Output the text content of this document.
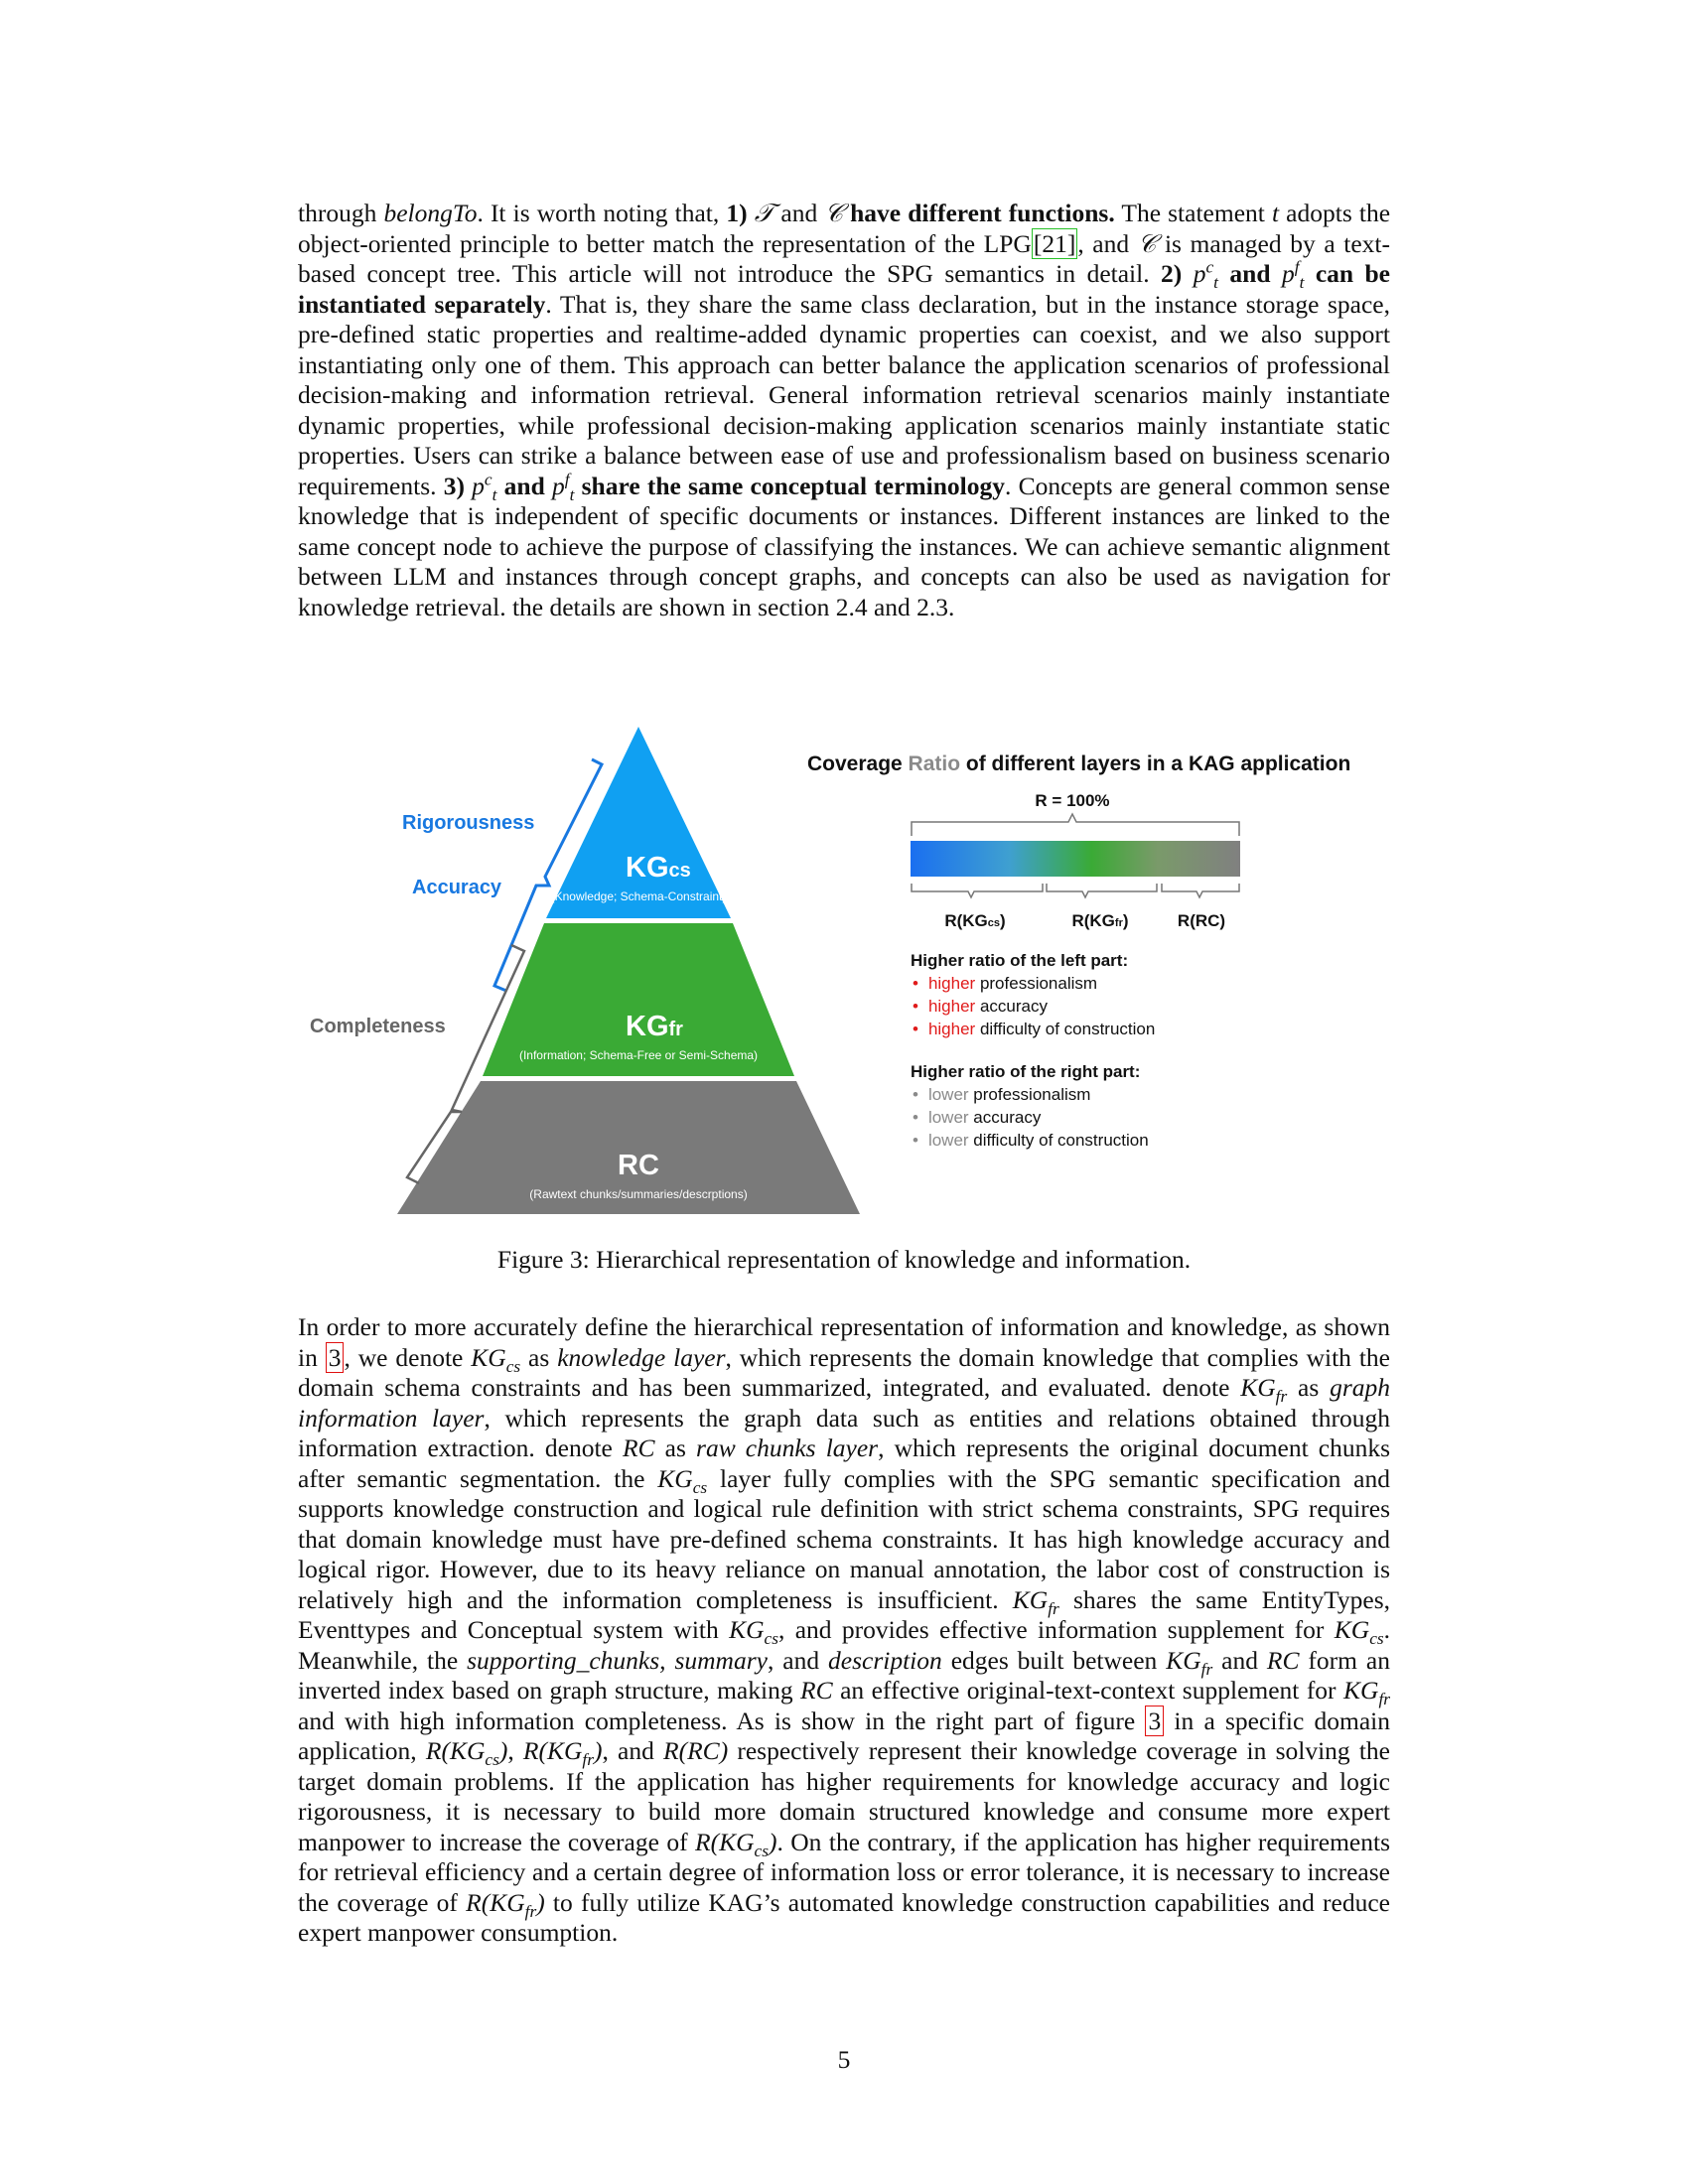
through belongTo. It is worth noting that, 1) 𝒯 and 𝒞 have different functions. The statement t adopts the object-oriented principle to better match the representation of the LPG[21], and 𝒞 is managed by a text-based concept tree. This article will not introduce the SPG semantics in detail. 2) $p^c_t$ and $p^f_t$ can be instantiated separately. That is, they share the same class declaration, but in the instance storage space, pre-defined static properties and realtime-added dynamic properties can coexist, and we also support instantiating only one of them. This approach can better balance the application scenarios of professional decision-making and information retrieval. General information retrieval scenarios mainly instantiate dynamic properties, while professional decision-making application scenarios mainly instantiate static properties. Users can strike a balance between ease of use and professionalism based on business scenario requirements. 3) $p^c_t$ and $p^f_t$ share the same conceptual terminology. Concepts are general common sense knowledge that is independent of specific documents or instances. Different instances are linked to the same concept node to achieve the purpose of classifying the instances. We can achieve semantic alignment between LLM and instances through concept graphs, and concepts can also be used as navigation for knowledge retrieval. the details are shown in section 2.4 and 2.3.

KGcs
(Knowledge; Schema-Constraint)
KGfr
(Information; Schema-Free or Semi-Schema)
RC
(Rawtext chunks/summaries/descrptions)
Rigorousness
Accuracy
Completeness
Coverage Ratio of different layers in a KAG application
R = 100%
R(KGcs)	R(KGfr)	R(RC)
Higher ratio of the left part:
• higher professionalism
• higher accuracy
• higher difficulty of construction
Higher ratio of the right part:
• lower professionalism
• lower accuracy
• lower difficulty of construction
Figure 3: Hierarchical representation of knowledge and information.

In order to more accurately define the hierarchical representation of information and knowledge, as shown in 3 , we denote $KG_{cs}$ as knowledge layer, which represents the domain knowledge that complies with the domain schema constraints and has been summarized, integrated, and evaluated. denote $KG_{fr}$ as graph information layer, which represents the graph data such as entities and relations obtained through information extraction. denote RC as raw chunks layer, which represents the original document chunks after semantic segmentation. the $KG_{cs}$ layer fully complies with the SPG semantic specification and supports knowledge construction and logical rule definition with strict schema constraints, SPG requires that domain knowledge must have pre-defined schema constraints. It has high knowledge accuracy and logical rigor. However, due to its heavy reliance on manual annotation, the labor cost of construction is relatively high and the information completeness is insufficient. $KG_{fr}$ shares the same EntityTypes, Eventtypes and Conceptual system with $KG_{cs}$, and provides effective information supplement for $KG_{cs}$. Meanwhile, the supporting_chunks, summary, and description edges built between $KG_{fr}$ and RC form an inverted index based on graph structure, making RC an effective original-text-context supplement for $KG_{fr}$ and with high information completeness. As is show in the right part of figure 3 in a specific domain application, $R(KG_{cs})$, $R(KG_{fr})$, and R(RC) respectively represent their knowledge coverage in solving the target domain problems. If the application has higher requirements for knowledge accuracy and logic rigorousness, it is necessary to build more domain structured knowledge and consume more expert manpower to increase the coverage of $R(KG_{cs})$. On the contrary, if the application has higher requirements for retrieval efficiency and a certain degree of information loss or error tolerance, it is necessary to increase the coverage of $R(KG_{fr})$ to fully utilize KAG’s automated knowledge construction capabilities and reduce expert manpower consumption.

5
